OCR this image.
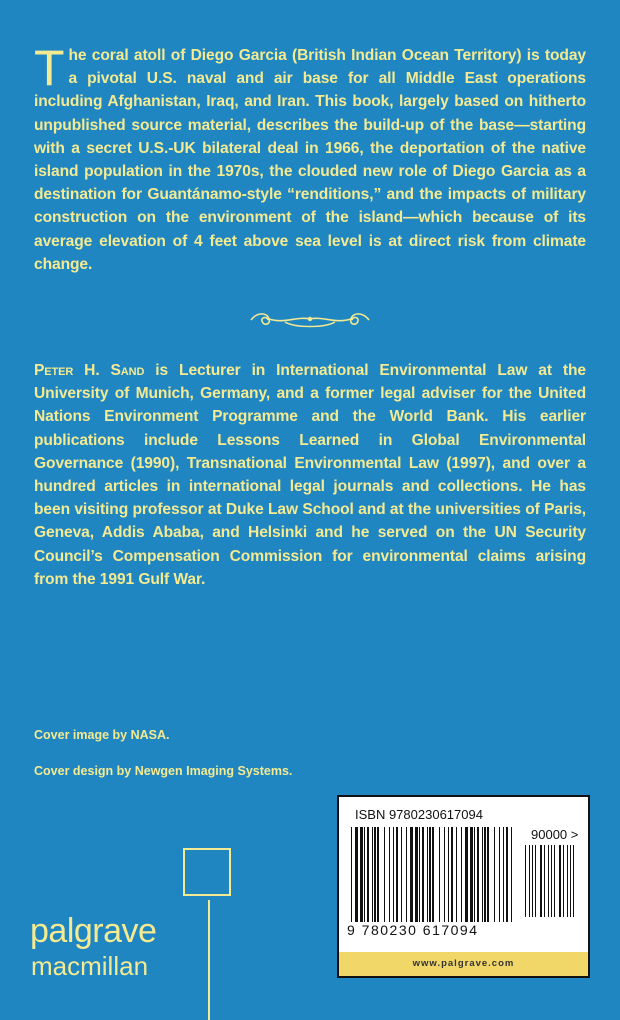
The coral atoll of Diego Garcia (British Indian Ocean Territory) is today a pivotal U.S. naval and air base for all Middle East operations including Afghanistan, Iraq, and Iran. This book, largely based on hitherto unpublished source material, describes the build-up of the base—starting with a secret U.S.-UK bilateral deal in 1966, the deportation of the native island population in the 1970s, the clouded new role of Diego Garcia as a destination for Guantánamo-style “renditions,” and the impacts of military construction on the environment of the island—which because of its average elevation of 4 feet above sea level is at direct risk from climate change.
Peter H. Sand is Lecturer in International Environmental Law at the University of Munich, Germany, and a former legal adviser for the United Nations Environment Programme and the World Bank. His earlier publications include Lessons Learned in Global Environmental Governance (1990), Transnational Environmental Law (1997), and over a hundred articles in international legal journals and collections. He has been visiting professor at Duke Law School and at the universities of Paris, Geneva, Addis Ababa, and Helsinki and he served on the UN Security Council’s Compensation Commission for environmental claims arising from the 1991 Gulf War.
Cover image by NASA.
Cover design by Newgen Imaging Systems.
palgrave
macmillan
ISBN 9780230617094
90000 >
9 780230 617094
www.palgrave.com
